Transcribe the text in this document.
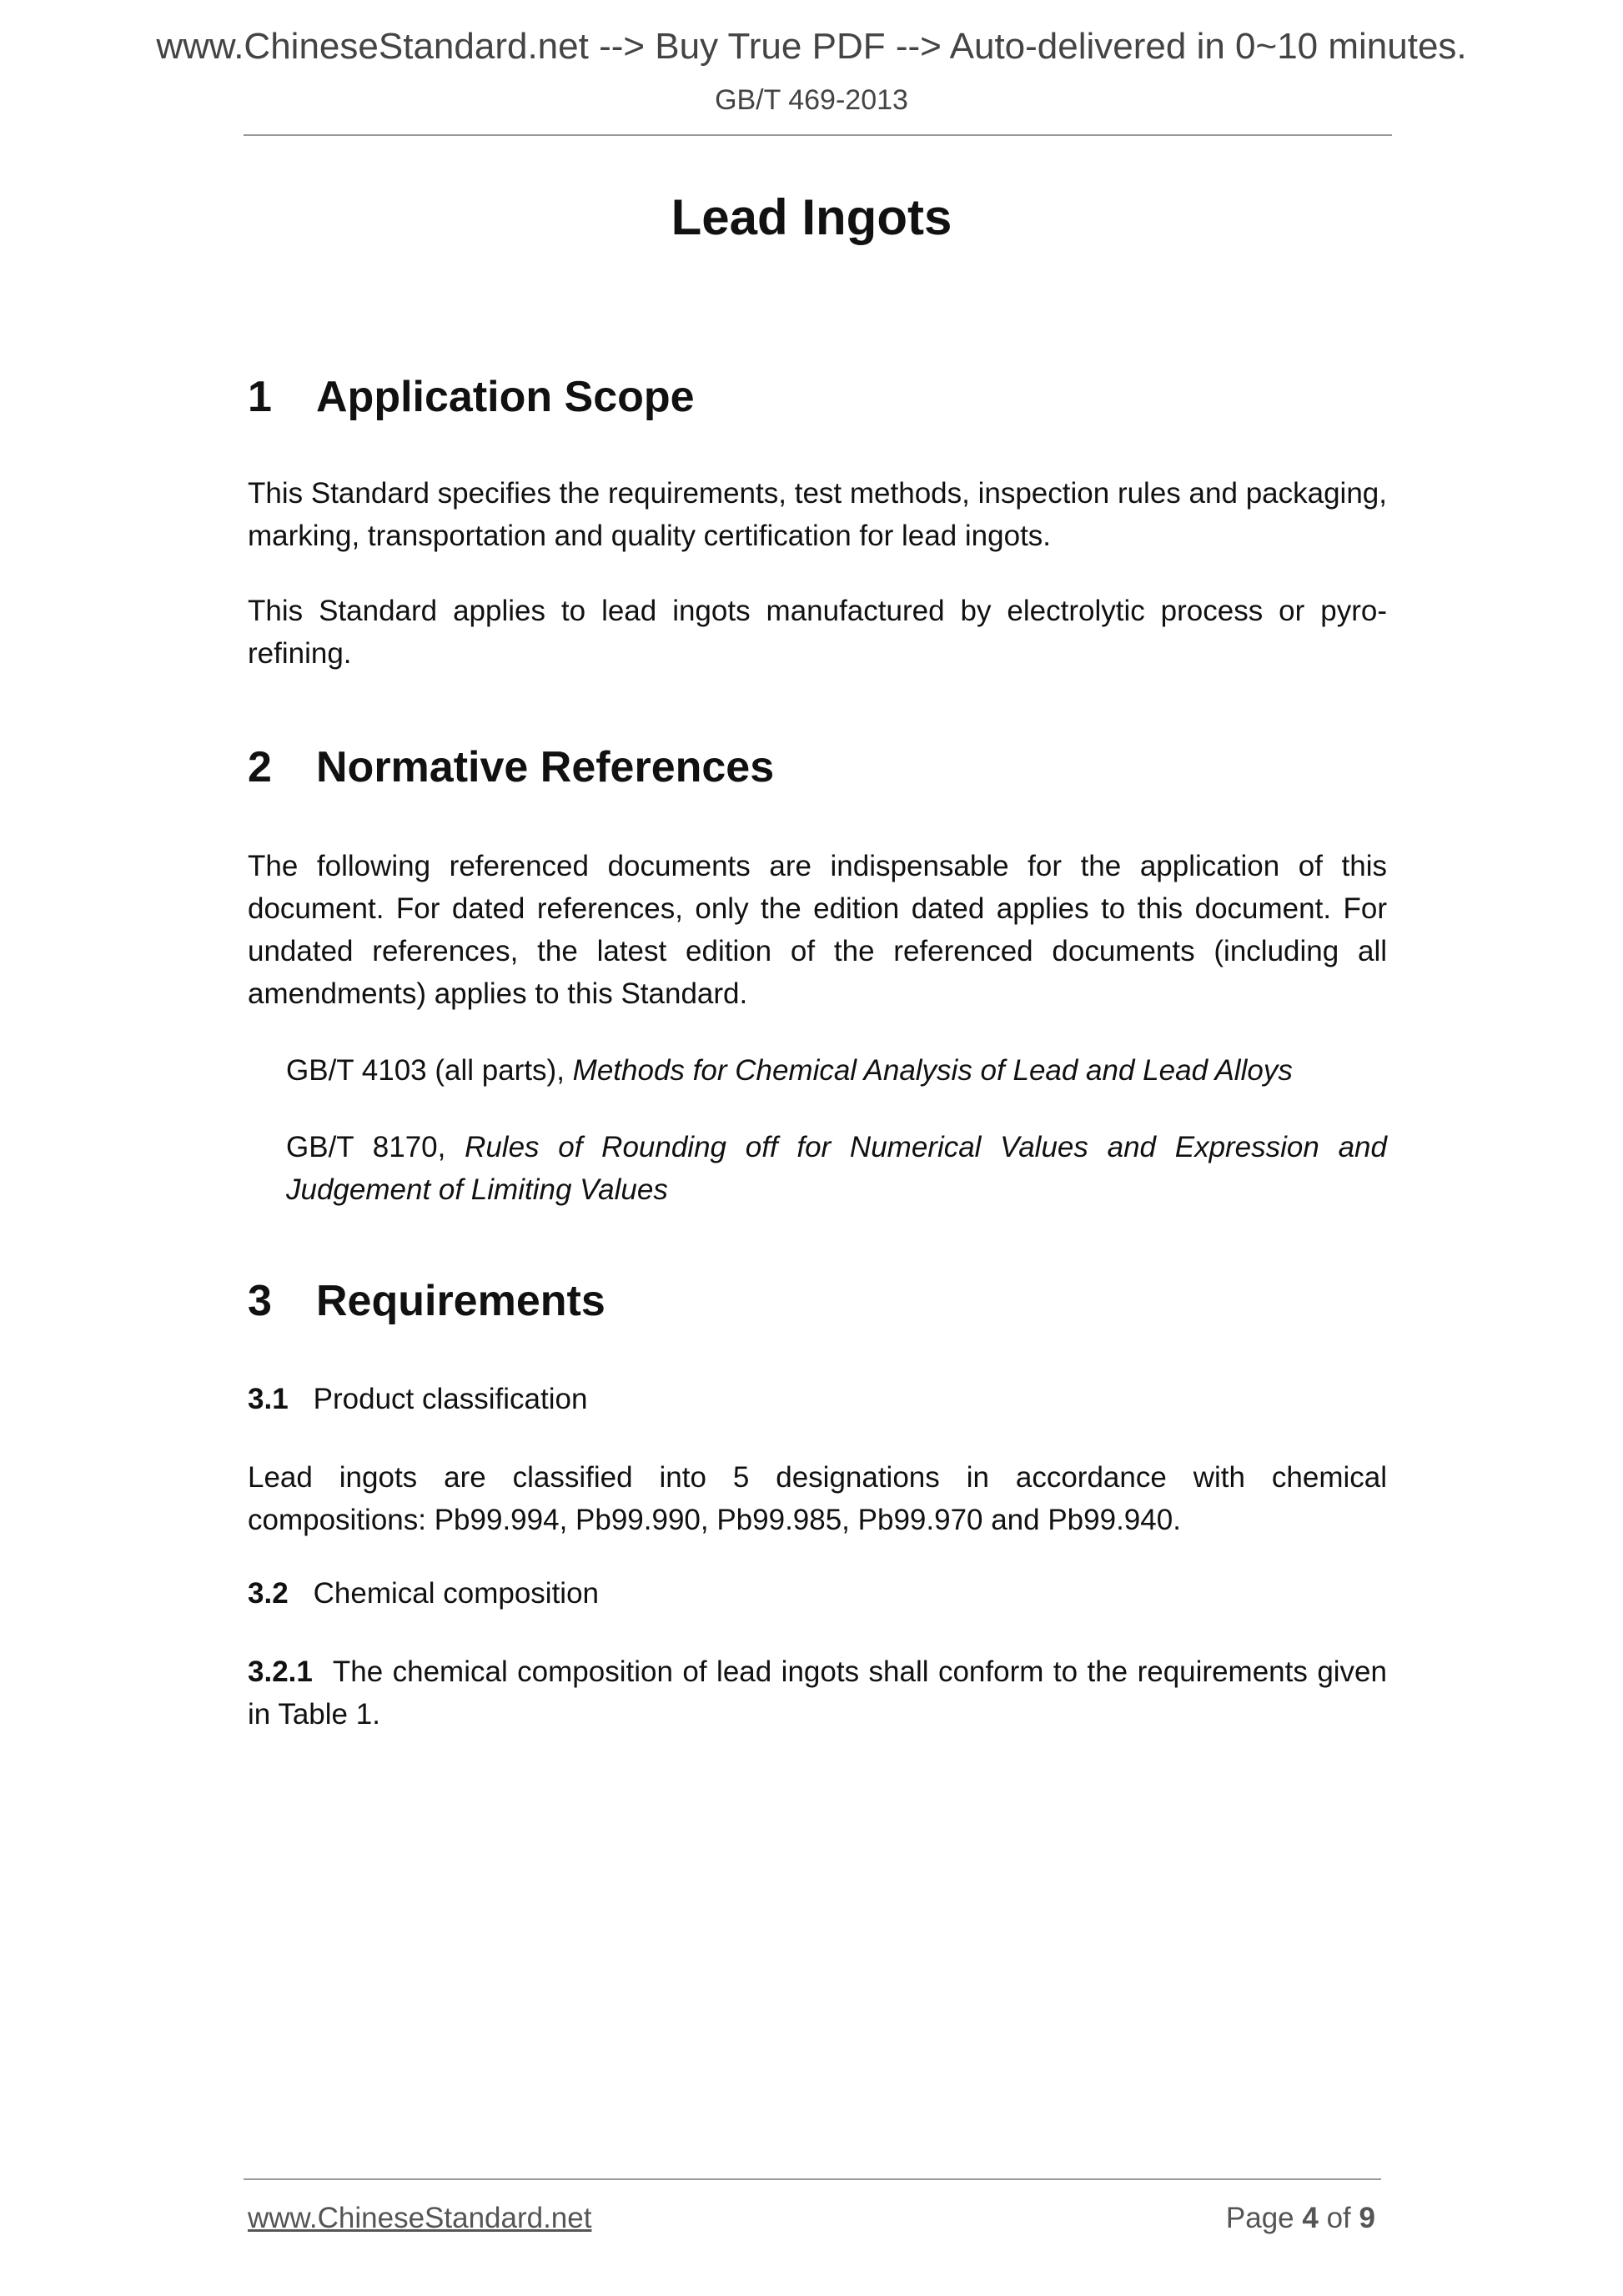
www.ChineseStandard.net --> Buy True PDF --> Auto-delivered in 0~10 minutes.
GB/T 469-2013
Lead Ingots
1 Application Scope
This Standard specifies the requirements, test methods, inspection rules and packaging, marking, transportation and quality certification for lead ingots.
This Standard applies to lead ingots manufactured by electrolytic process or pyro-refining.
2 Normative References
The following referenced documents are indispensable for the application of this document. For dated references, only the edition dated applies to this document. For undated references, the latest edition of the referenced documents (including all amendments) applies to this Standard.
GB/T 4103 (all parts), Methods for Chemical Analysis of Lead and Lead Alloys
GB/T 8170, Rules of Rounding off for Numerical Values and Expression and Judgement of Limiting Values
3 Requirements
3.1 Product classification
Lead ingots are classified into 5 designations in accordance with chemical compositions: Pb99.994, Pb99.990, Pb99.985, Pb99.970 and Pb99.940.
3.2 Chemical composition
3.2.1 The chemical composition of lead ingots shall conform to the requirements given in Table 1.
www.ChineseStandard.net	Page 4 of 9
